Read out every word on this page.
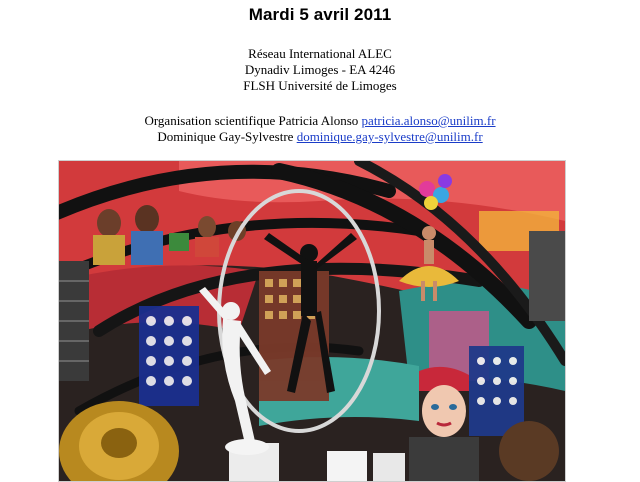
Mardi 5 avril 2011
Réseau International ALEC
Dynadiv Limoges - EA 4246
FLSH Université de Limoges
Organisation scientifique Patricia Alonso patricia.alonso@unilim.fr
Dominique Gay-Sylvestre dominique.gay-sylvestre@unilim.fr
